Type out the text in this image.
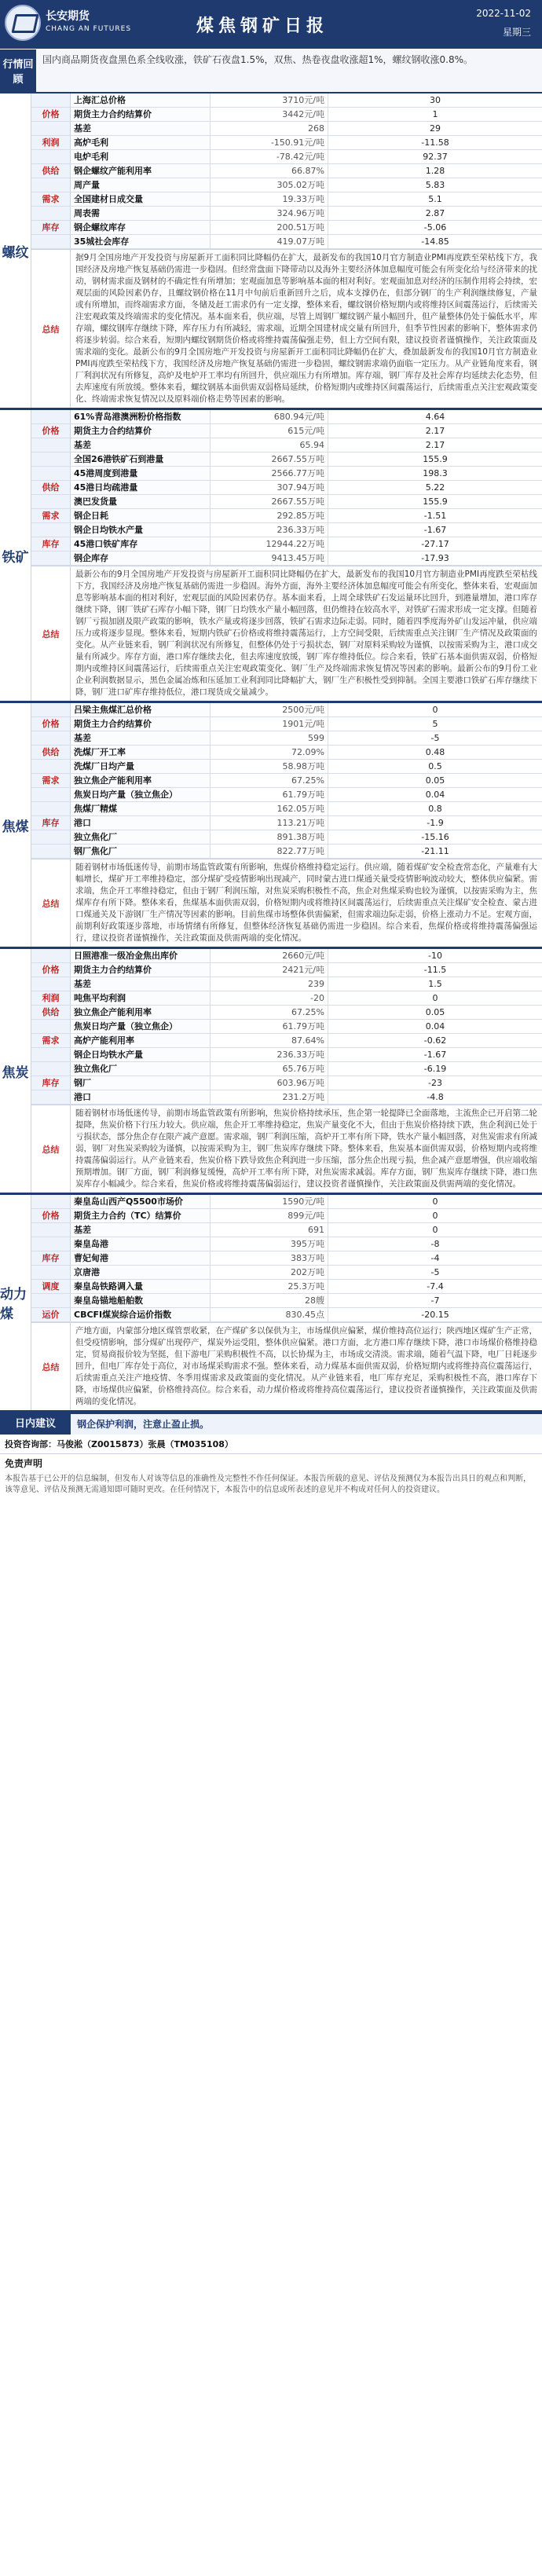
长安期货
CHANG AN FUTURES	煤焦钢矿日报
2022-11-02
星期三
行情回顾
国内商品期货夜盘黑色系全线收涨，铁矿石夜盘1.5%，双焦、热卷夜盘收涨超1%，螺纹钢收涨0.8%。
螺纹
上海汇总价格	3710元/吨	30
价格	期货主力合约结算价	3442元/吨	1
基差	268	29
利润	高炉毛利	-150.91元/吨	-11.58
电炉毛利	-78.42元/吨	92.37
供给	钢企螺纹产能利用率	66.87%	1.28
周产量	305.02万吨	5.83
需求	全国建材日成交量	19.33万吨	5.1
周表需	324.96万吨	2.87
库存	钢企螺纹库存	200.51万吨	-5.06
35城社会库存	419.07万吨	-14.85
总结
据9月全国房地产开发投资与房屋新开工面积同比降幅仍在扩大，最新发布的我国10月官方制造业PMI再度跌至荣枯线下方，我国经济及房地产恢复基础仍需进一步稳固。但经常盘面下降带动以及海外主要经济体加息幅度可能会有所变化给与经济带来的扰动，钢材需求面及钢材的不确定性有所增加；宏观面加息等影响基本面的相对利好。宏观面加息对经济的压制作用将会持续，宏观层面的风险因素仍存，且螺纹钢价格在11月中旬前后重新回升之后，成本支撑仍在，但部分钢厂的生产利润继续修复，产量或有所增加，而终端需求方面，冬储及赶工需求仍有一定支撑，整体来看，螺纹钢价格短期内或将维持区间震荡运行，后续需关注宏观政策及终端需求的变化情况。基本面来看，供应端，尽管上周钢厂螺纹钢产量小幅回升，但产量整体仍处于偏低水平，库存端，螺纹钢库存继续下降，库存压力有所减轻，需求端，近期全国建材成交量有所回升，但季节性因素的影响下，整体需求仍将逐步转弱。综合来看，短期内螺纹钢期货价格或将维持震荡偏强走势，但上方空间有限，建议投资者谨慎操作，关注政策面及需求端的变化。最新公布的9月全国房地产开发投资与房屋新开工面积同比降幅仍在扩大，叠加最新发布的我国10月官方制造业PMI再度跌至荣枯线下方，我国经济及房地产恢复基础仍需进一步稳固，螺纹钢需求端仍面临一定压力。从产业链角度来看，钢厂利润状况有所修复，高炉及电炉开工率均有所回升，供应端压力有所增加。库存端，钢厂库存及社会库存均延续去化态势，但去库速度有所放缓。整体来看，螺纹钢基本面供需双弱格局延续，价格短期内或维持区间震荡运行，后续需重点关注宏观政策变化、终端需求恢复情况以及原料端价格走势等因素的影响。
铁矿
61%青岛港澳洲粉价格指数	680.94元/吨	4.64
价格	期货主力合约结算价	615元/吨	2.17
基差	65.94	2.17
全国26港铁矿石到港量	2667.55万吨	155.9
45港周度到港量	2566.77万吨	198.3
供给	45港日均疏港量	307.94万吨	5.22
澳巴发货量	2667.55万吨	155.9
需求	钢企日耗	292.85万吨	-1.51
钢企日均铁水产量	236.33万吨	-1.67
库存	45港口铁矿库存	12944.22万吨	-27.17
钢企库存	9413.45万吨	-17.93
总结
最新公布的9月全国房地产开发投资与房屋新开工面积同比降幅仍在扩大，最新发布的我国10月官方制造业PMI再度跌至荣枯线下方，我国经济及房地产恢复基础仍需进一步稳固。海外方面，海外主要经济体加息幅度可能会有所变化，整体来看，宏观面加息等影响基本面的相对利好，宏观层面的风险因素仍存。基本面来看，上周全球铁矿石发运量环比回升，到港量增加，港口库存继续下降，钢厂铁矿石库存小幅下降，钢厂日均铁水产量小幅回落，但仍维持在较高水平，对铁矿石需求形成一定支撑。但随着钢厂亏损加剧及限产政策的影响，铁水产量或将逐步回落，铁矿石需求边际走弱。同时，随着四季度海外矿山发运冲量，供应端压力或将逐步显现。整体来看，短期内铁矿石价格或将维持震荡运行，上方空间受限，后续需重点关注钢厂生产情况及政策面的变化。从产业链来看，钢厂利润状况有所修复，但整体仍处于亏损状态，钢厂对原料采购较为谨慎，以按需采购为主，港口成交量有所减少。库存方面，港口库存继续去化，但去库速度放缓，钢厂库存维持低位。综合来看，铁矿石基本面供需双弱，价格短期内或维持区间震荡运行，后续需重点关注宏观政策变化、钢厂生产及终端需求恢复情况等因素的影响。最新公布的9月份工业企业利润数据显示，黑色金属冶炼和压延加工业利润同比降幅扩大，钢厂生产积极性受到抑制。全国主要港口铁矿石库存继续下降，钢厂进口矿库存维持低位，港口现货成交量减少。
焦煤
吕梁主焦煤汇总价格	2500元/吨	0
价格	期货主力合约结算价	1901元/吨	5
基差	599	-5
供给	洗煤厂开工率	72.09%	0.48
洗煤厂日均产量	58.98万吨	0.5
需求	独立焦企产能利用率	67.25%	0.05
焦炭日均产量（独立焦企）	61.79万吨	0.04
焦煤厂精煤	162.05万吨	0.8
库存	港口	113.21万吨	-1.9
独立焦化厂	891.38万吨	-15.16
钢厂焦化厂	822.77万吨	-21.11
总结
随着钢材市场低迷传导，前期市场监管政策有所影响，焦煤价格维持稳定运行。供应端，随着煤矿安全检查常态化，产量难有大幅增长，煤矿开工率维持稳定，部分煤矿受疫情影响出现减产，同时蒙古进口煤通关量受疫情影响波动较大，整体供应偏紧。需求端，焦企开工率维持稳定，但由于钢厂利润压缩，对焦炭采购积极性不高，焦企对焦煤采购也较为谨慎，以按需采购为主，焦煤库存有所下降。整体来看，焦煤基本面供需双弱，价格短期内或将维持区间震荡运行，后续需重点关注煤矿安全检查、蒙古进口煤通关及下游钢厂生产情况等因素的影响。目前焦煤市场整体供需偏紧，但需求端边际走弱，价格上涨动力不足。宏观方面，前期利好政策逐步落地，市场情绪有所修复，但整体经济恢复基础仍需进一步稳固。综合来看，焦煤价格或将维持震荡偏强运行，建议投资者谨慎操作，关注政策面及供需两端的变化情况。
焦炭
日照港准一级冶金焦出库价	2660元/吨	-10
价格	期货主力合约结算价	2421元/吨	-11.5
基差	239	1.5
利润	吨焦平均利润	-20	0
供给	独立焦企产能利用率	67.25%	0.05
焦炭日均产量（独立焦企）	61.79万吨	0.04
需求	高炉产能利用率	87.64%	-0.62
钢企日均铁水产量	236.33万吨	-1.67
独立焦化厂	65.76万吨	-6.19
库存	钢厂	603.96万吨	-23
港口	231.2万吨	-4.8
总结
随着钢材市场低迷传导，前期市场监管政策有所影响，焦炭价格持续承压，焦企第一轮提降已全面落地，主流焦企已开启第二轮提降，焦炭价格下行压力较大。供应端，焦企开工率维持稳定，焦炭产量变化不大，但由于焦炭价格持续下跌，焦企利润已处于亏损状态，部分焦企存在限产减产意愿。需求端，钢厂利润压缩，高炉开工率有所下降，铁水产量小幅回落，对焦炭需求有所减弱，钢厂对焦炭采购较为谨慎，以按需采购为主，钢厂焦炭库存继续下降。整体来看，焦炭基本面供需双弱，价格短期内或将维持震荡偏弱运行。从产业链来看，焦炭价格下跌导致焦企利润进一步压缩，部分焦企出现亏损，焦企减产意愿增强，供应端收缩预期增加。钢厂方面，钢厂利润修复缓慢，高炉开工率有所下降，对焦炭需求减弱。库存方面，钢厂焦炭库存继续下降，港口焦炭库存小幅减少。综合来看，焦炭价格或将维持震荡偏弱运行，建议投资者谨慎操作，关注政策面及供需两端的变化情况。
动力煤
秦皇岛山西产Q5500市场价	1590元/吨	0
价格	期货主力合约（TC）结算价	899元/吨	0
基差	691	0
秦皇岛港	395万吨	-8
库存	曹妃甸港	383万吨	-4
京唐港	202万吨	-5
调度	秦皇岛铁路调入量	25.3万吨	-7.4
秦皇岛锚地船舶数	28艘	-7
运价	CBCFI煤炭综合运价指数	830.45点	-20.15
总结
产地方面，内蒙部分地区煤管票收紧，在产煤矿多以保供为主，市场煤供应偏紧，煤价维持高位运行；陕西地区煤矿生产正常，但受疫情影响，部分煤矿出现停产，煤炭外运受阻，整体供应偏紧。港口方面，北方港口库存继续下降，港口市场煤价格维持稳定，贸易商报价较为坚挺，但下游电厂采购积极性不高，以长协煤为主，市场成交清淡。需求端，随着气温下降，电厂日耗逐步回升，但电厂库存处于高位，对市场煤采购需求不强。整体来看，动力煤基本面供需双弱，价格短期内或将维持高位震荡运行，后续需重点关注产地疫情、冬季用煤需求及政策面的变化情况。从产业链来看，电厂库存充足，采购积极性不高，港口库存下降，市场煤供应偏紧，价格维持高位。综合来看，动力煤价格或将维持高位震荡运行，建议投资者谨慎操作，关注政策面及供需两端的变化情况。
日内建议	钢企保护利润，注意止盈止损。
投资咨询部：马俊淞（Z0015873）张晨（TM035108）
免责声明
本报告基于已公开的信息编制，但发布人对该等信息的准确性及完整性不作任何保证。本报告所载的意见、评估及预测仅为本报告出具日的观点和判断，该等意见、评估及预测无需通知即可随时更改。在任何情况下，本报告中的信息或所表述的意见并不构成对任何人的投资建议。
